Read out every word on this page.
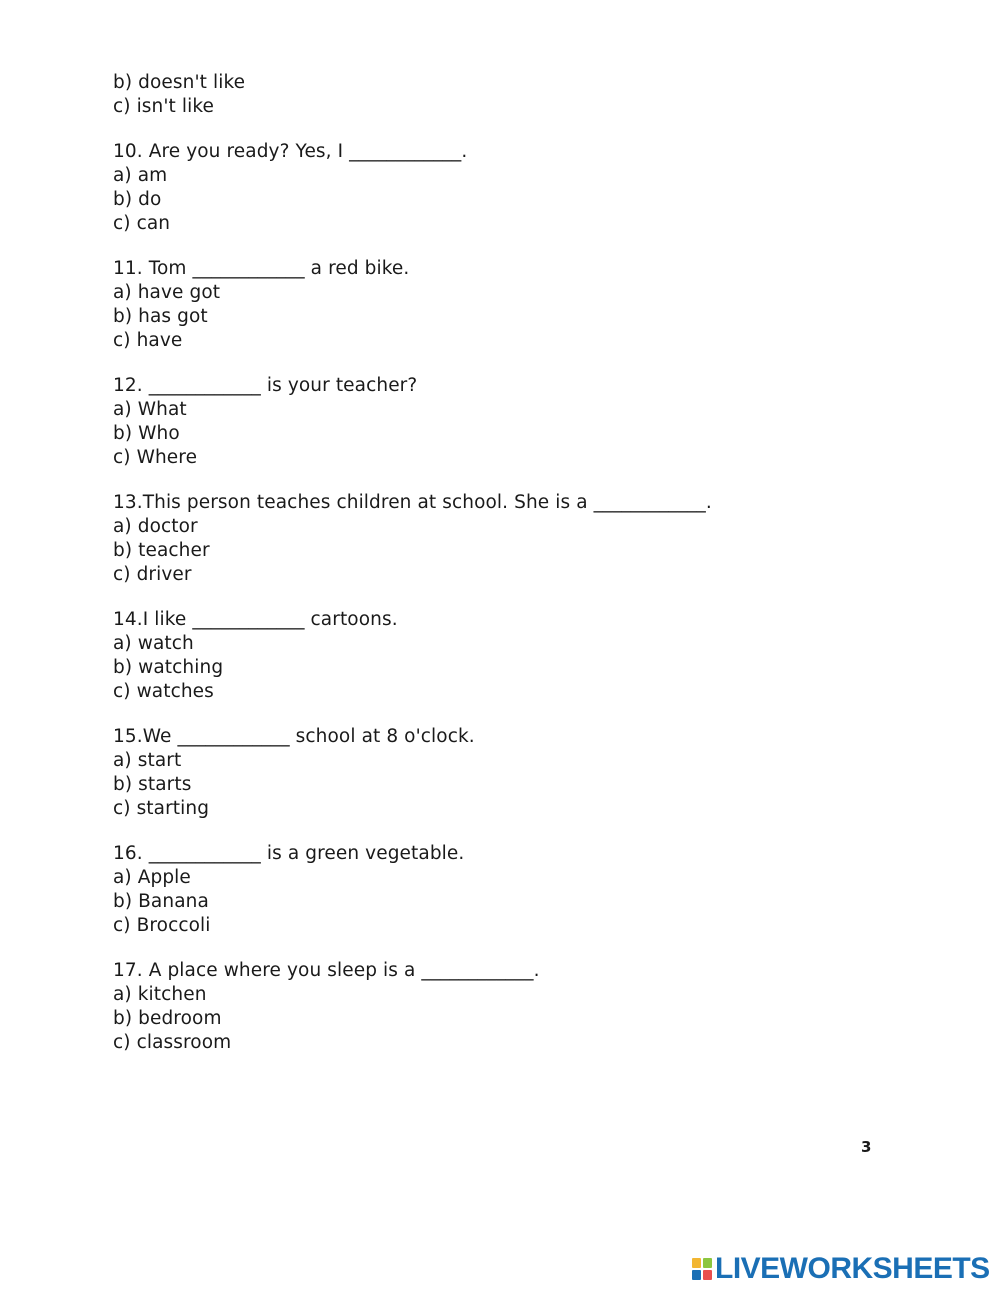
b) doesn't like
c) isn't like
10. Are you ready? Yes, I ____________.
a) am
b) do
c) can
11. Tom ____________ a red bike.
a) have got
b) has got
c) have
12. ____________ is your teacher?
a) What
b) Who
c) Where
13.This person teaches children at school. She is a ____________.
a) doctor
b) teacher
c) driver
14.I like ____________ cartoons.
a) watch
b) watching
c) watches
15.We ____________ school at 8 o'clock.
a) start
b) starts
c) starting
16. ____________ is a green vegetable.
a) Apple
b) Banana
c) Broccoli
17. A place where you sleep is a ____________.
a) kitchen
b) bedroom
c) classroom
3
LIVEWORKSHEETS
